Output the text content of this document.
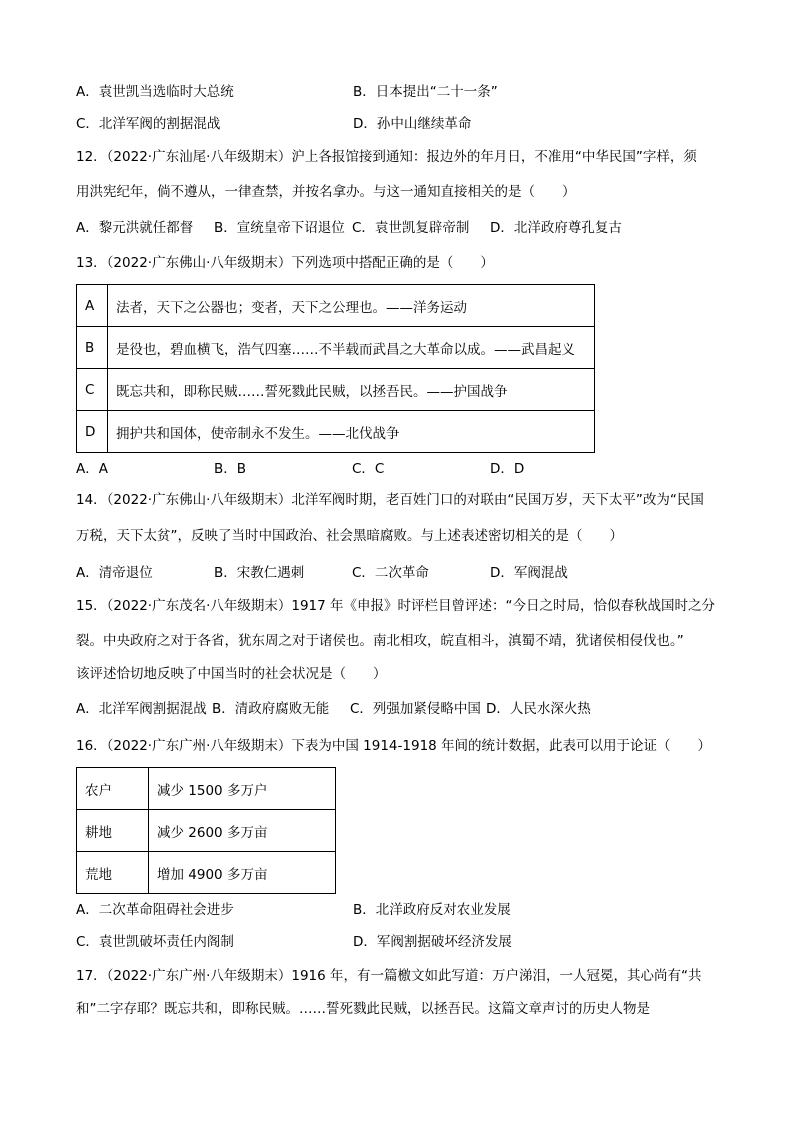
A．袁世凯当选临时大总统	B．日本提出“二十一条”
C．北洋军阀的割据混战	D．孙中山继续革命
12．（2022·广东汕尾·八年级期末）沪上各报馆接到通知：报边外的年月日，不准用“中华民国”字样，须
用洪宪纪年，倘不遵从，一律查禁，并按名拿办。与这一通知直接相关的是（　　）
A．黎元洪就任都督 B．宣统皇帝下诏退位 C．袁世凯复辟帝制 D．北洋政府尊孔复古
13．（2022·广东佛山·八年级期末）下列选项中搭配正确的是（　　）
A	法者，天下之公器也；变者，天下之公理也。——洋务运动
B	是役也，碧血横飞，浩气四塞……不半载而武昌之大革命以成。——武昌起义
C	既忘共和，即称民贼……誓死戮此民贼，以拯吾民。——护国战争
D	拥护共和国体，使帝制永不发生。——北伐战争
A．A	B．B	C．C	D．D
14．（2022·广东佛山·八年级期末）北洋军阀时期，老百姓门口的对联由“民国万岁，天下太平”改为“民国
万税，天下太贫”，反映了当时中国政治、社会黑暗腐败。与上述表述密切相关的是（　　）
A．清帝退位	B．宋教仁遇刺	C．二次革命	D．军阀混战
15．（2022·广东茂名·八年级期末）1917 年《申报》时评栏目曾评述：“今日之时局，恰似春秋战国时之分
裂。中央政府之对于各省，犹东周之对于诸侯也。南北相攻，皖直相斗，滇蜀不靖，犹诸侯相侵伐也。”
该评述恰切地反映了中国当时的社会状况是（　　）
A．北洋军阀割据混战 B．清政府腐败无能 C．列强加紧侵略中国 D．人民水深火热
16．（2022·广东广州·八年级期末）下表为中国 1914-1918 年间的统计数据，此表可以用于论证（　　）
农户	减少 1500 多万户
耕地	减少 2600 多万亩
荒地	增加 4900 多万亩
A．二次革命阻碍社会进步	B．北洋政府反对农业发展
C．袁世凯破坏责任内阁制	D．军阀割据破坏经济发展
17．（2022·广东广州·八年级期末）1916 年，有一篇檄文如此写道：万户涕泪，一人冠冕，其心尚有“共
和”二字存耶？既忘共和，即称民贼。……誓死戮此民贼，以拯吾民。这篇文章声讨的历史人物是
